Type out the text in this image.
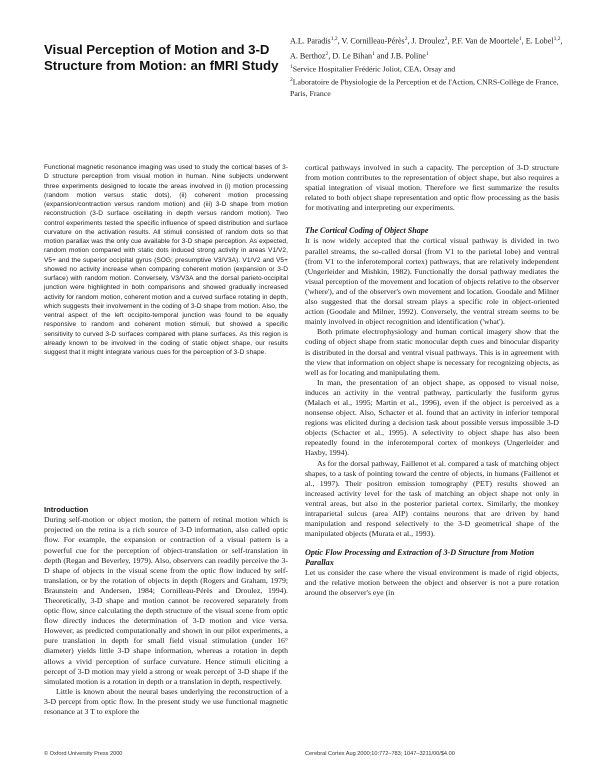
Visual Perception of Motion and 3-D Structure from Motion: an fMRI Study
A.L. Paradis$^{1,2}$, V. Cornilleau-Pérès$^2$, J. Droulez$^2$, P.F. Van de Moortele$^1$, E. Lobel$^{1,2}$, A. Berthoz$^2$, D. Le Bihan$^1$ and J.B. Poline$^1$

$^1$Service Hospitalier Frédéric Joliot, CEA, Orsay and

$^2$Laboratoire de Physiologie de la Perception et de l'Action, CNRS-Collège de France, Paris, France

Functional magnetic resonance imaging was used to study the cortical bases of 3-D structure perception from visual motion in human. Nine subjects underwent three experiments designed to locate the areas involved in (i) motion processing (random motion versus static dots), (ii) coherent motion processing (expansion/contraction versus random motion) and (iii) 3-D shape from motion reconstruction (3-D surface oscillating in depth versus random motion). Two control experiments tested the specific influence of speed distribution and surface curvature on the activation results. All stimuli consisted of random dots so that motion parallax was the only cue available for 3-D shape perception. As expected, random motion compared with static dots induced strong activity in areas V1/V2, V5+ and the superior occipital gyrus (SOG; presumptive V3/V3A). V1/V2 and V5+ showed no activity increase when comparing coherent motion (expansion or 3-D surface) with random motion. Conversely, V3/V3A and the dorsal parieto-occipital junction were highlighted in both comparisons and showed gradually increased activity for random motion, coherent motion and a curved surface rotating in depth, which suggests their involvement in the coding of 3-D shape from motion. Also, the ventral aspect of the left occipito-temporal junction was found to be equally responsive to random and coherent motion stimuli, but showed a specific sensitivity to curved 3-D surfaces compared with plane surfaces. As this region is already known to be involved in the coding of static object shape, our results suggest that it might integrate various cues for the perception of 3-D shape.

Introduction

During self-motion or object motion, the pattern of retinal motion which is projected on the retina is a rich source of 3-D information, also called optic flow. For example, the expansion or contraction of a visual pattern is a powerful cue for the perception of object-translation or self-translation in depth (Regan and Beverley, 1979). Also, observers can readily perceive the 3-D shape of objects in the visual scene from the optic flow induced by self-translation, or by the rotation of objects in depth (Rogers and Graham, 1979; Braunstein and Andersen, 1984; Cornilleau-Pérès and Droulez, 1994). Theoretically, 3-D shape and motion cannot be recovered separately from optic flow, since calculating the depth structure of the visual scene from optic flow directly induces the determination of 3-D motion and vice versa. However, as predicted computationally and shown in our pilot experiments, a pure translation in depth for small field visual stimulation (under 16° diameter) yields little 3-D shape information, whereas a rotation in depth allows a vivid perception of surface curvature. Hence stimuli eliciting a percept of 3-D motion may yield a strong or weak percept of 3-D shape if the simulated motion is a rotation in depth or a translation in depth, respectively.

Little is known about the neural bases underlying the reconstruction of a 3-D percept from optic flow. In the present study we use functional magnetic resonance at 3 T to explore the

cortical pathways involved in such a capacity. The perception of 3-D structure from motion contributes to the representation of object shape, but also requires a spatial integration of visual motion. Therefore we first summarize the results related to both object shape representation and optic flow processing as the basis for motivating and interpreting our experiments.

The Cortical Coding of Object Shape

It is now widely accepted that the cortical visual pathway is divided in two parallel streams, the so-called dorsal (from V1 to the parietal lobe) and ventral (from V1 to the inferotemporal cortex) pathways, that are relatively independent (Ungerleider and Mishkin, 1982). Functionally the dorsal pathway mediates the visual perception of the movement and location of objects relative to the observer ('where'), and of the observer's own movement and location. Goodale and Milner also suggested that the dorsal stream plays a specific role in object-oriented action (Goodale and Milner, 1992). Conversely, the ventral stream seems to be mainly involved in object recognition and identification ('what').

Both primate electrophysiology and human cortical imagery show that the coding of object shape from static monocular depth cues and binocular disparity is distributed in the dorsal and ventral visual pathways. This is in agreement with the view that information on object shape is necessary for recognizing objects, as well as for locating and manipulating them.

In man, the presentation of an object shape, as opposed to visual noise, induces an activity in the ventral pathway, particularly the fusiform gyrus (Malach et al., 1995; Martin et al., 1996), even if the object is perceived as a nonsense object. Also, Schacter et al. found that an activity in inferior temporal regions was elicited during a decision task about possible versus impossible 3-D objects (Schacter et al., 1995). A selectivity to object shape has also been repeatedly found in the inferotemporal cortex of monkeys (Ungerleider and Haxby, 1994).

As for the dorsal pathway, Faillenot et al. compared a task of matching object shapes, to a task of pointing toward the centre of objects, in humans (Faillenot et al., 1997). Their positron emission tomography (PET) results showed an increased activity level for the task of matching an object shape not only in ventral areas, but also in the posterior parietal cortex. Similarly, the monkey intraparietal sulcus (area AIP) contains neurons that are driven by hand manipulation and respond selectively to the 3-D geometrical shape of the manipulated objects (Murata et al., 1993).

Optic Flow Processing and Extraction of 3-D Structure from Motion Parallax

Let us consider the case where the visual environment is made of rigid objects, and the relative motion between the object and observer is not a pure rotation around the observer's eye (in

© Oxford University Press 2000	Cerebral Cortex Aug 2000;10:772–783; 1047–3211/00/$4.00
